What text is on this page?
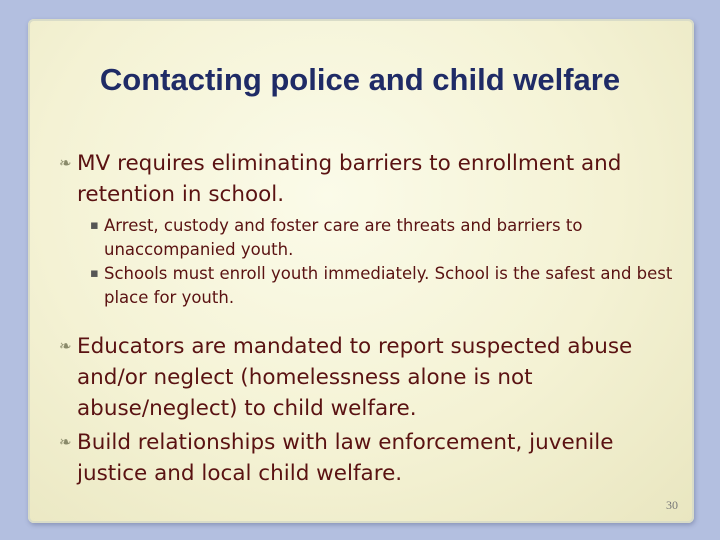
Contacting police and child welfare
❧ MV requires eliminating barriers to enrollment and retention in school.
▪ Arrest, custody and foster care are threats and barriers to unaccompanied youth.
▪ Schools must enroll youth immediately. School is the safest and best place for youth.
❧ Educators are mandated to report suspected abuse and/or neglect (homelessness alone is not abuse/neglect) to child welfare.
❧ Build relationships with law enforcement, juvenile justice and local child welfare.
30
